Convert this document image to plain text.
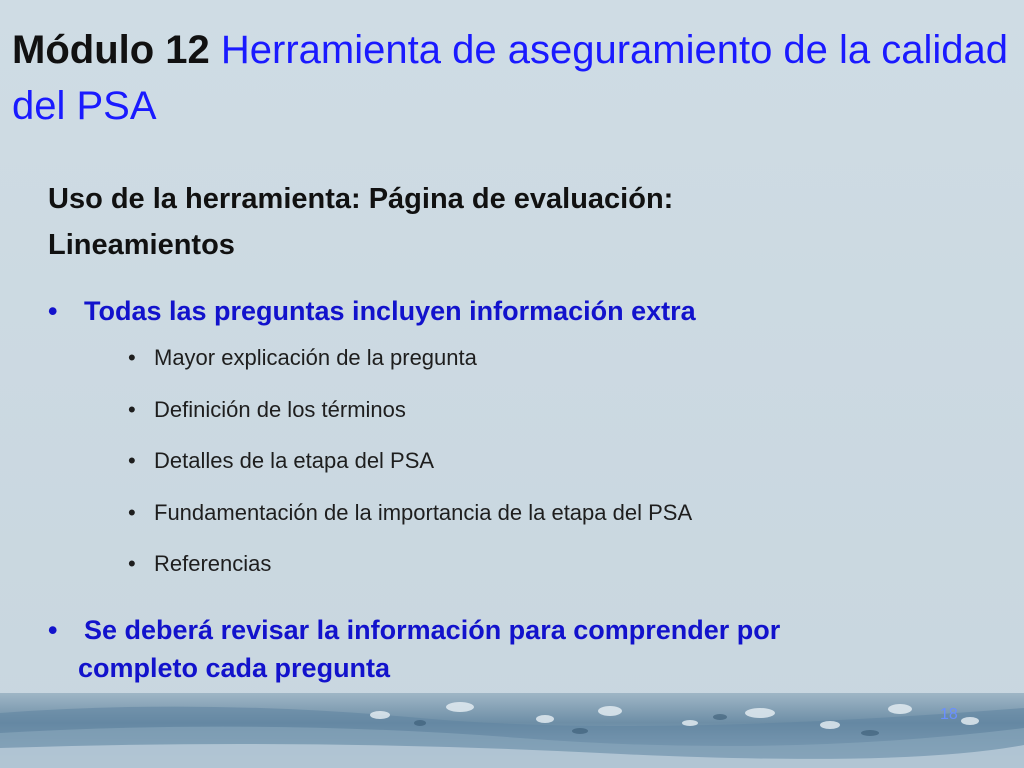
Módulo 12 Herramienta de aseguramiento de la calidad del PSA
Uso de la herramienta: Página de evaluación: Lineamientos
• Todas las preguntas incluyen información extra
• Mayor explicación de la pregunta
• Definición de los términos
• Detalles de la etapa del PSA
• Fundamentación de la importancia de la etapa del PSA
• Referencias
• Se deberá revisar la información para comprender por
completo cada pregunta
18
